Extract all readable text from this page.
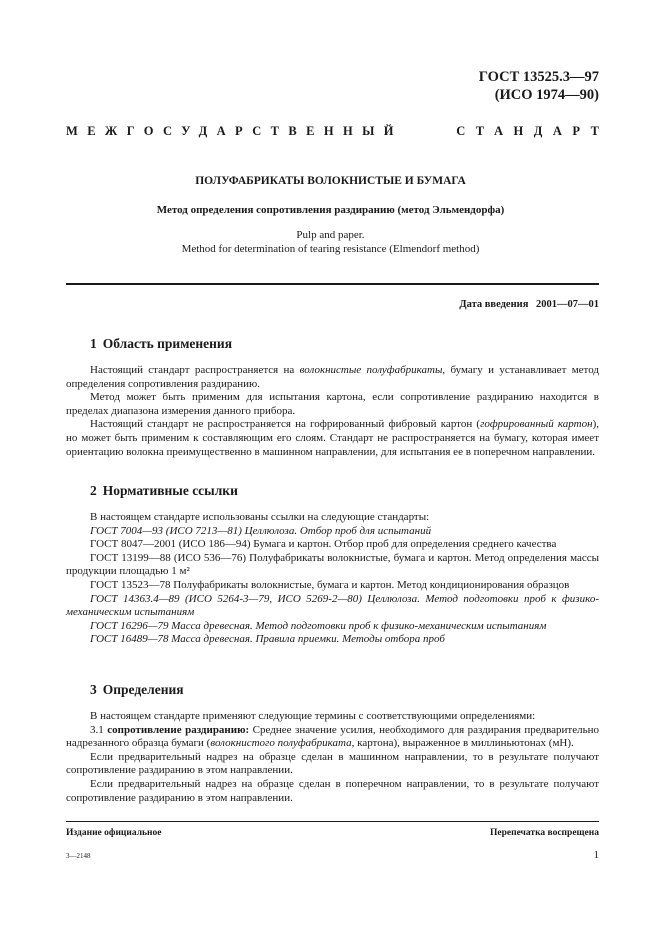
ГОСТ 13525.3—97
(ИСО 1974—90)
МЕЖГОСУДАРСТВЕННЫЙ	СТАНДАРТ
ПОЛУФАБРИКАТЫ ВОЛОКНИСТЫЕ И БУМАГА
Метод определения сопротивления раздиранию (метод Эльмендорфа)
Pulp and paper.
Method for determination of tearing resistance (Elmendorf method)
Дата введения 2001—07—01
1 Область применения

Настоящий стандарт распространяется на волокнистые полуфабрикаты, бумагу и устанавливает метод определения сопротивления раздиранию.

Метод может быть применим для испытания картона, если сопротивление раздиранию находится в пределах диапазона измерения данного прибора.

Настоящий стандарт не распространяется на гофрированный фибровый картон (гофрированный картон), но может быть применим к составляющим его слоям. Стандарт не распространяется на бумагу, которая имеет ориентацию волокна преимущественно в машинном направлении, для испытания ее в поперечном направлении.

2 Нормативные ссылки

В настоящем стандарте использованы ссылки на следующие стандарты:

ГОСТ 7004—93 (ИСО 7213—81) Целлюлоза. Отбор проб для испытаний

ГОСТ 8047—2001 (ИСО 186—94) Бумага и картон. Отбор проб для определения среднего качества

ГОСТ 13199—88 (ИСО 536—76) Полуфабрикаты волокнистые, бумага и картон. Метод определения массы продукции площадью 1 м²

ГОСТ 13523—78 Полуфабрикаты волокнистые, бумага и картон. Метод кондиционирования образцов

ГОСТ 14363.4—89 (ИСО 5264-3—79, ИСО 5269-2—80) Целлюлоза. Метод подготовки проб к физико-механическим испытаниям

ГОСТ 16296—79 Масса древесная. Метод подготовки проб к физико-механическим испытаниям

ГОСТ 16489—78 Масса древесная. Правила приемки. Методы отбора проб

3 Определения

В настоящем стандарте применяют следующие термины с соответствующими определениями:

3.1 сопротивление раздиранию: Среднее значение усилия, необходимого для раздирания предварительно надрезанного образца бумаги (волокнистого полуфабриката, картона), выраженное в миллиньютонах (мН).

Если предварительный надрез на образце сделан в машинном направлении, то в результате получают сопротивление раздиранию в этом направлении.

Если предварительный надрез на образце сделан в поперечном направлении, то в результате получают сопротивление раздиранию в этом направлении.

Издание официальное	Перепечатка воспрещена
3—2148	1
